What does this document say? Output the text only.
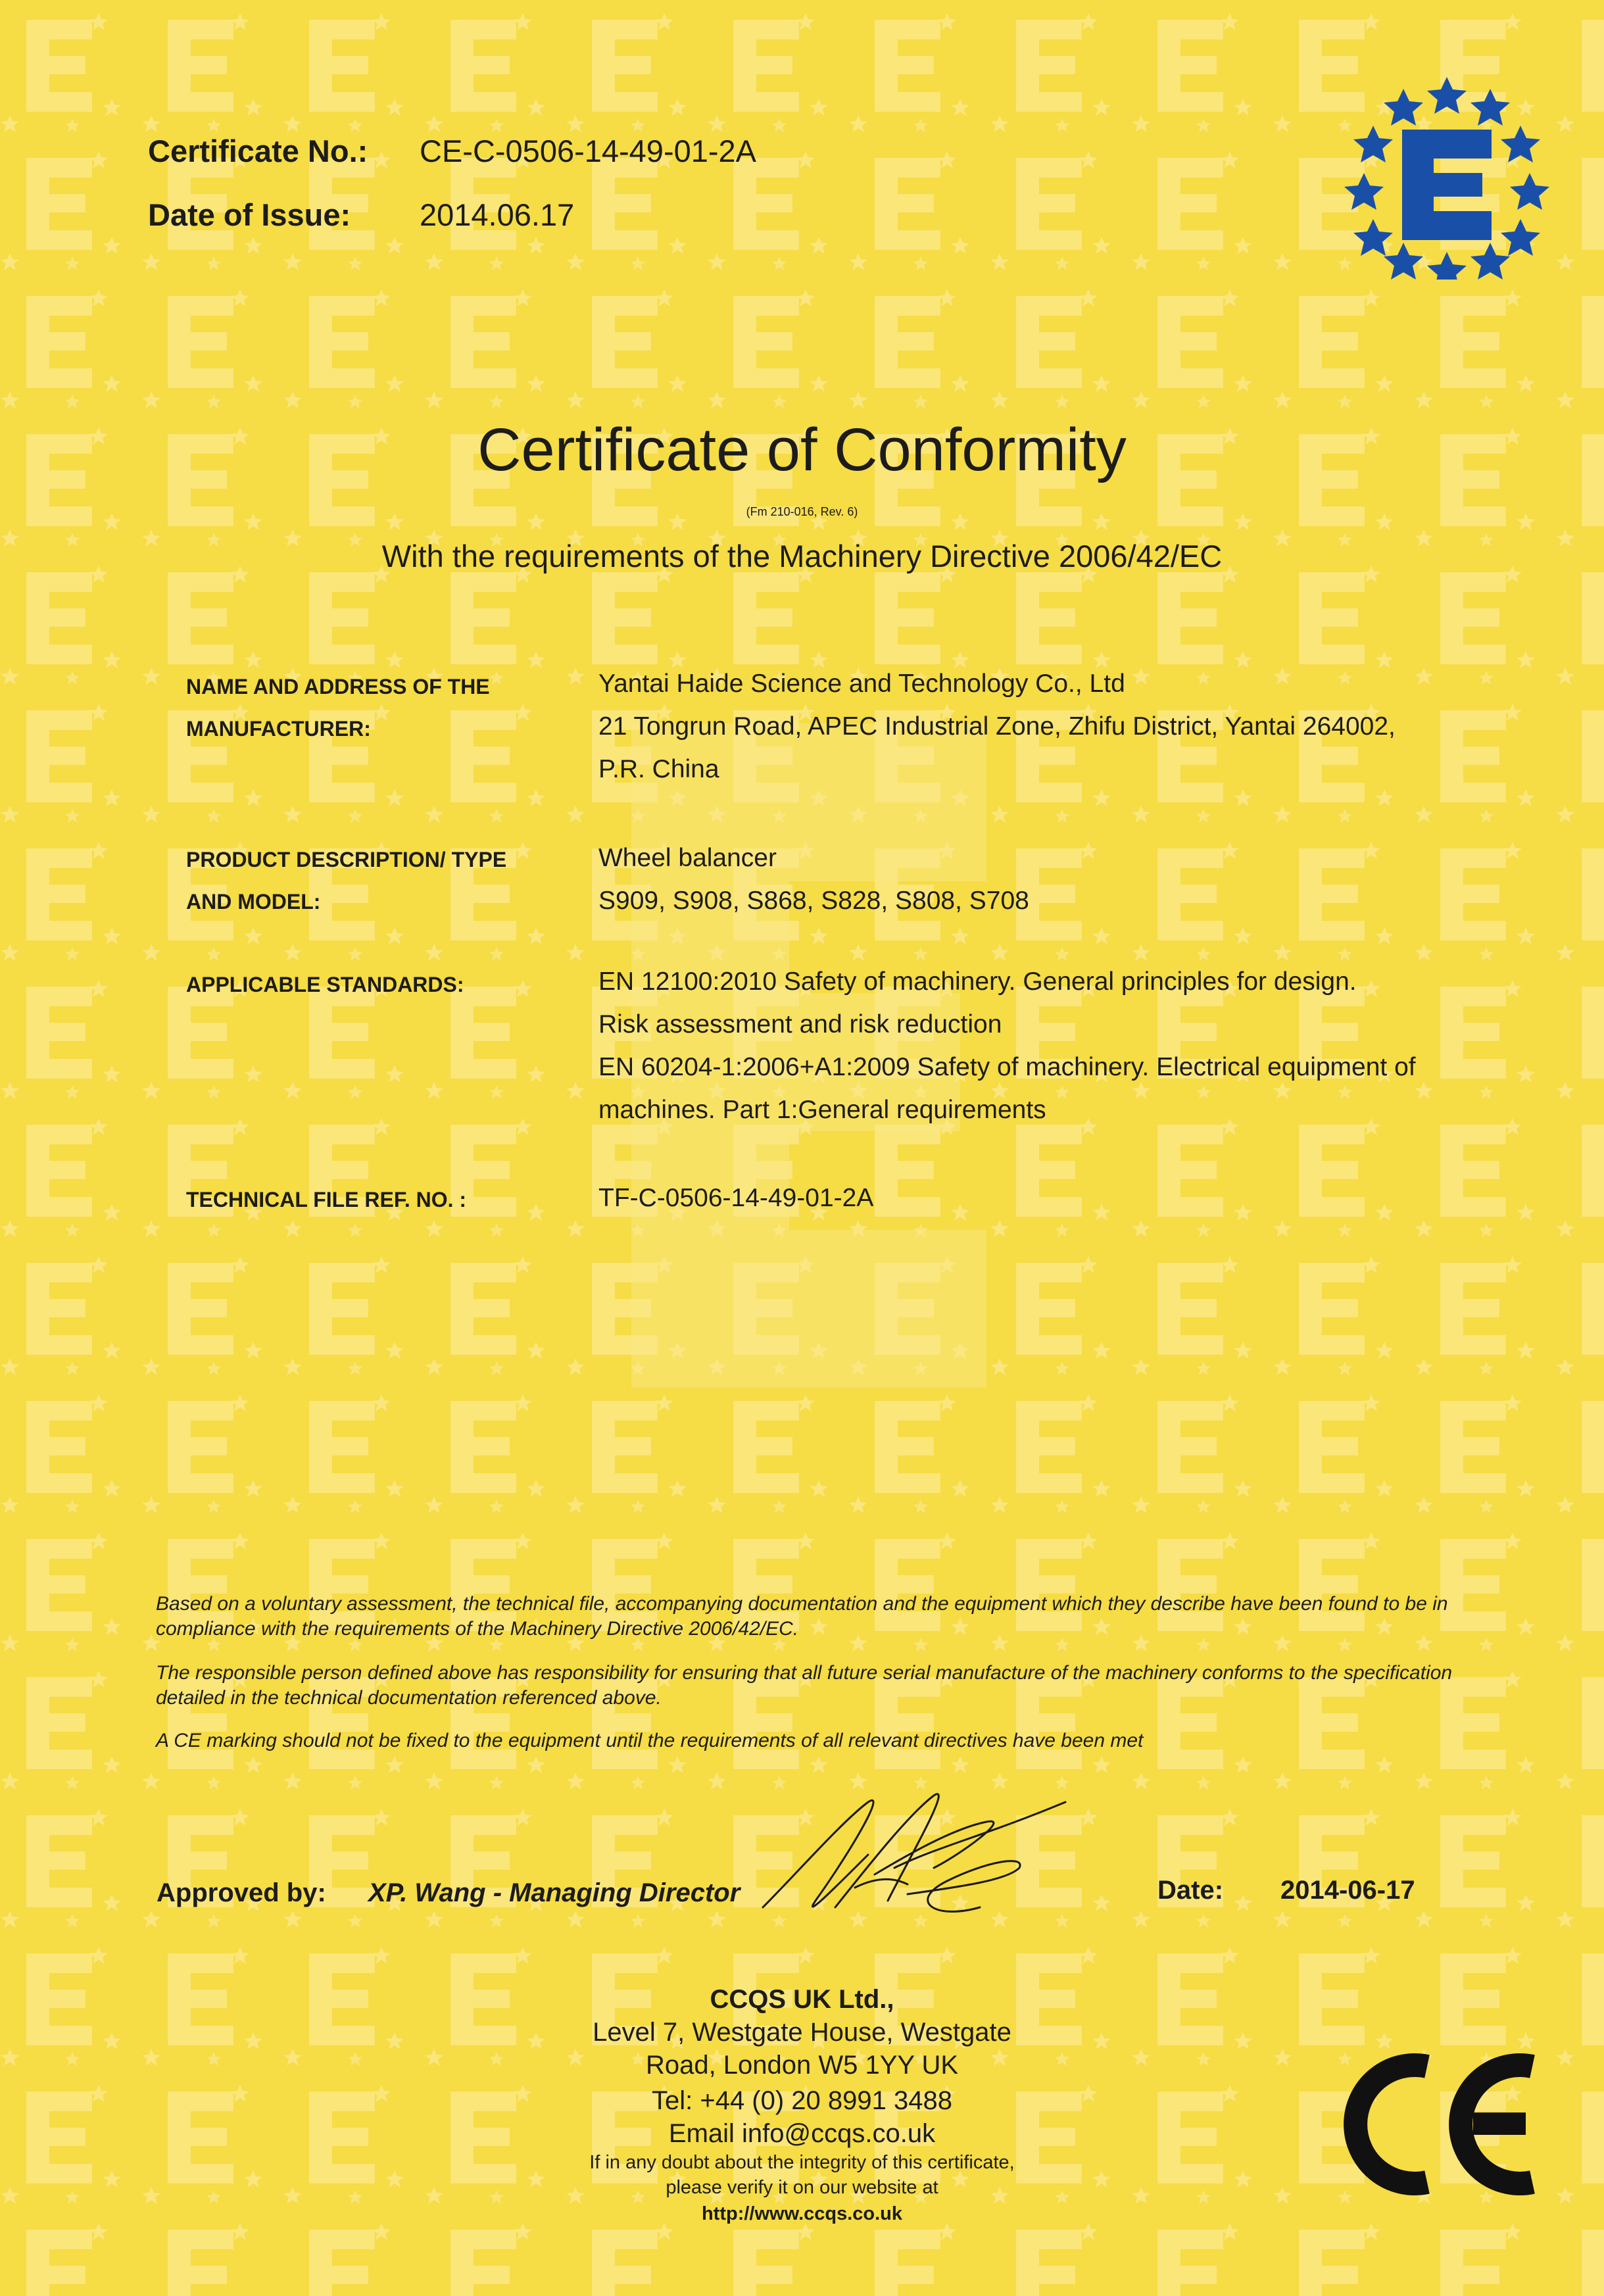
Certificate No.: CE-C-0506-14-49-01-2A
Date of Issue: 2014.06.17
Certificate of Conformity
(Fm 210-016, Rev. 6)
With the requirements of the Machinery Directive 2006/42/EC
NAME AND ADDRESS OF THE
MANUFACTURER:
Yantai Haide Science and Technology Co., Ltd
21 Tongrun Road, APEC Industrial Zone, Zhifu District, Yantai 264002,
P.R. China
PRODUCT DESCRIPTION/ TYPE
AND MODEL:
Wheel balancer
S909, S908, S868, S828, S808, S708
APPLICABLE STANDARDS:	EN 12100:2010 Safety of machinery. General principles for design.
Risk assessment and risk reduction
EN 60204-1:2006+A1:2009 Safety of machinery. Electrical equipment of
machines. Part 1:General requirements
TECHNICAL FILE REF. NO. :	TF-C-0506-14-49-01-2A
Based on a voluntary assessment, the technical file, accompanying documentation and the equipment which they describe have been found to be in compliance with the requirements of the Machinery Directive 2006/42/EC.
The responsible person defined above has responsibility for ensuring that all future serial manufacture of the machinery conforms to the specification detailed in the technical documentation referenced above.
A CE marking should not be fixed to the equipment until the requirements of all relevant directives have been met
Approved by: XP. Wang - Managing Director	Date: 2014-06-17
CCQS UK Ltd.,
Level 7, Westgate House, Westgate
Road, London W5 1YY UK
Tel: +44 (0) 20 8991 3488
Email info@ccqs.co.uk
If in any doubt about the integrity of this certificate,
please verify it on our website at
http://www.ccqs.co.uk
